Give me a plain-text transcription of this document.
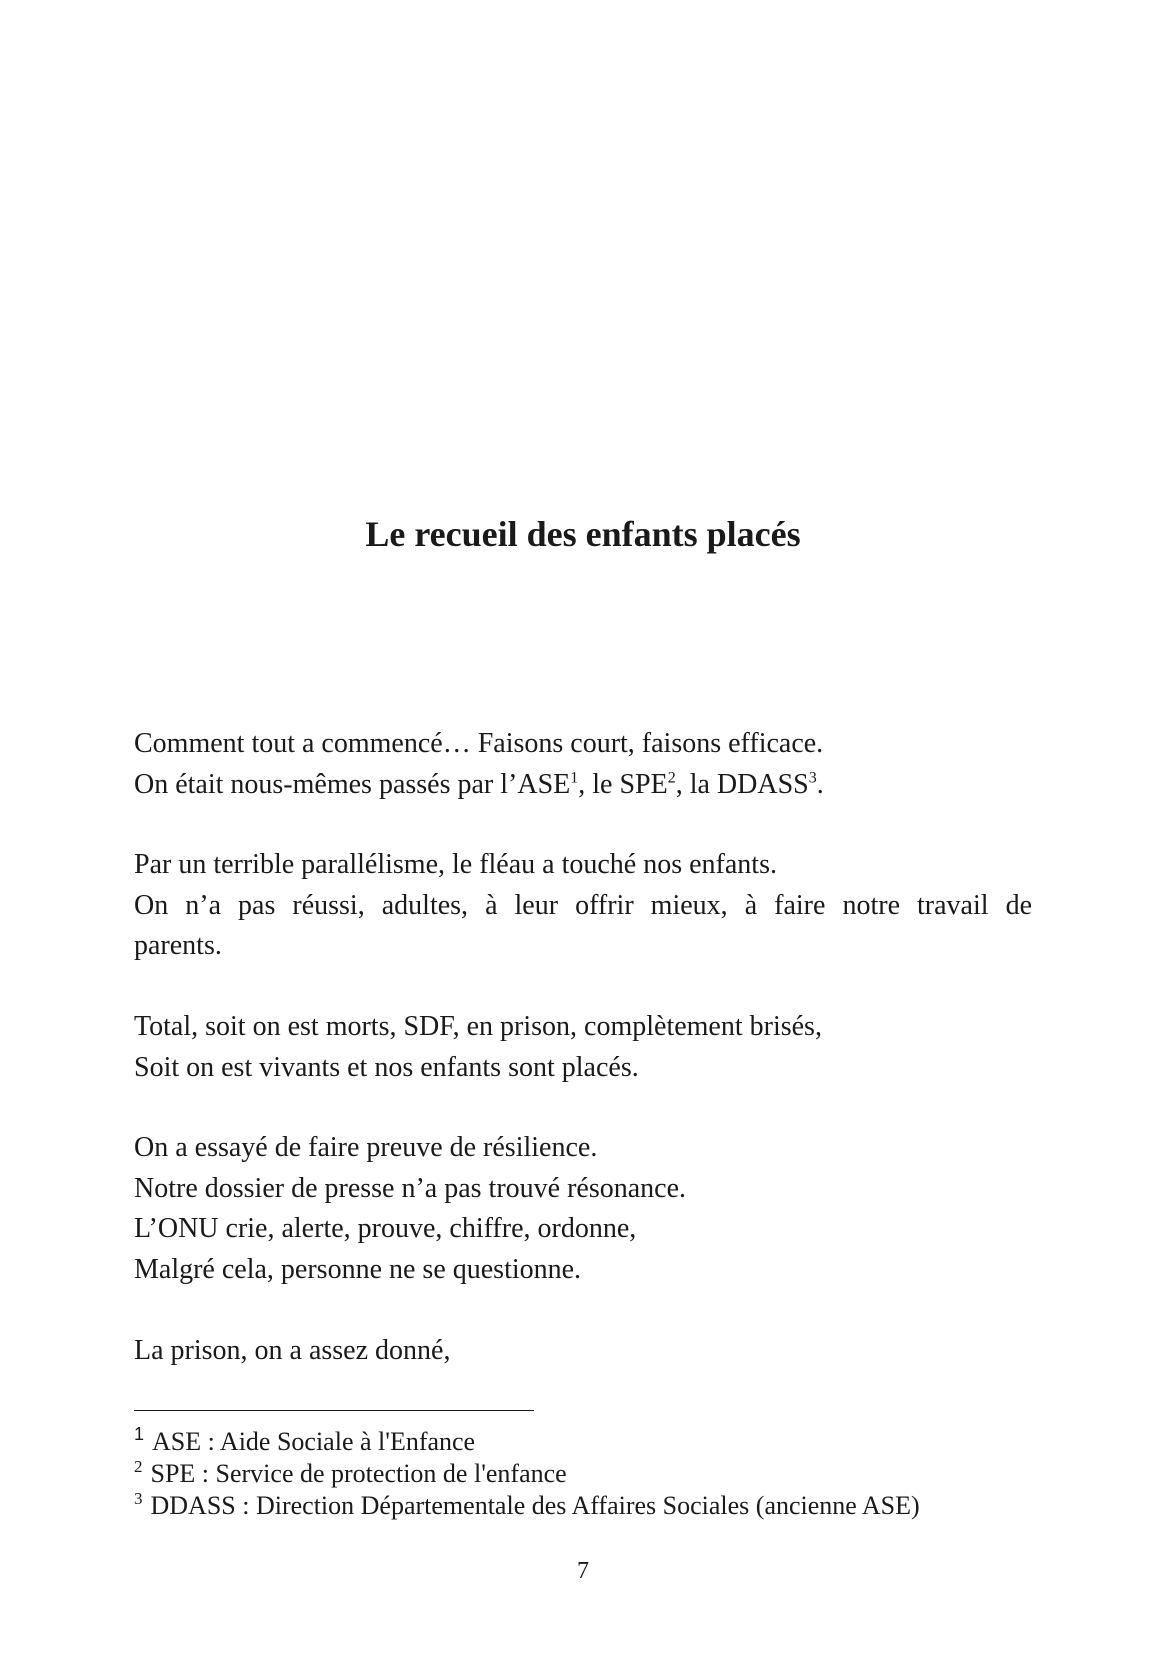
Le recueil des enfants placés
Comment tout a commencé… Faisons court, faisons efficace.
On était nous-mêmes passés par l’ASE$^1$, le SPE$^2$, la DDASS$^3$.
Par un terrible parallélisme, le fléau a touché nos enfants.
On n’a pas réussi, adultes, à leur offrir mieux, à faire notre travail de
parents.
Total, soit on est morts, SDF, en prison, complètement brisés,
Soit on est vivants et nos enfants sont placés.
On a essayé de faire preuve de résilience.
Notre dossier de presse n’a pas trouvé résonance.
L’ONU crie, alerte, prouve, chiffre, ordonne,
Malgré cela, personne ne se questionne.
La prison, on a assez donné,
$^1$ ASE : Aide Sociale à l'Enfance
$^2$ SPE : Service de protection de l'enfance
$^3$ DDASS : Direction Départementale des Affaires Sociales (ancienne ASE)
7
